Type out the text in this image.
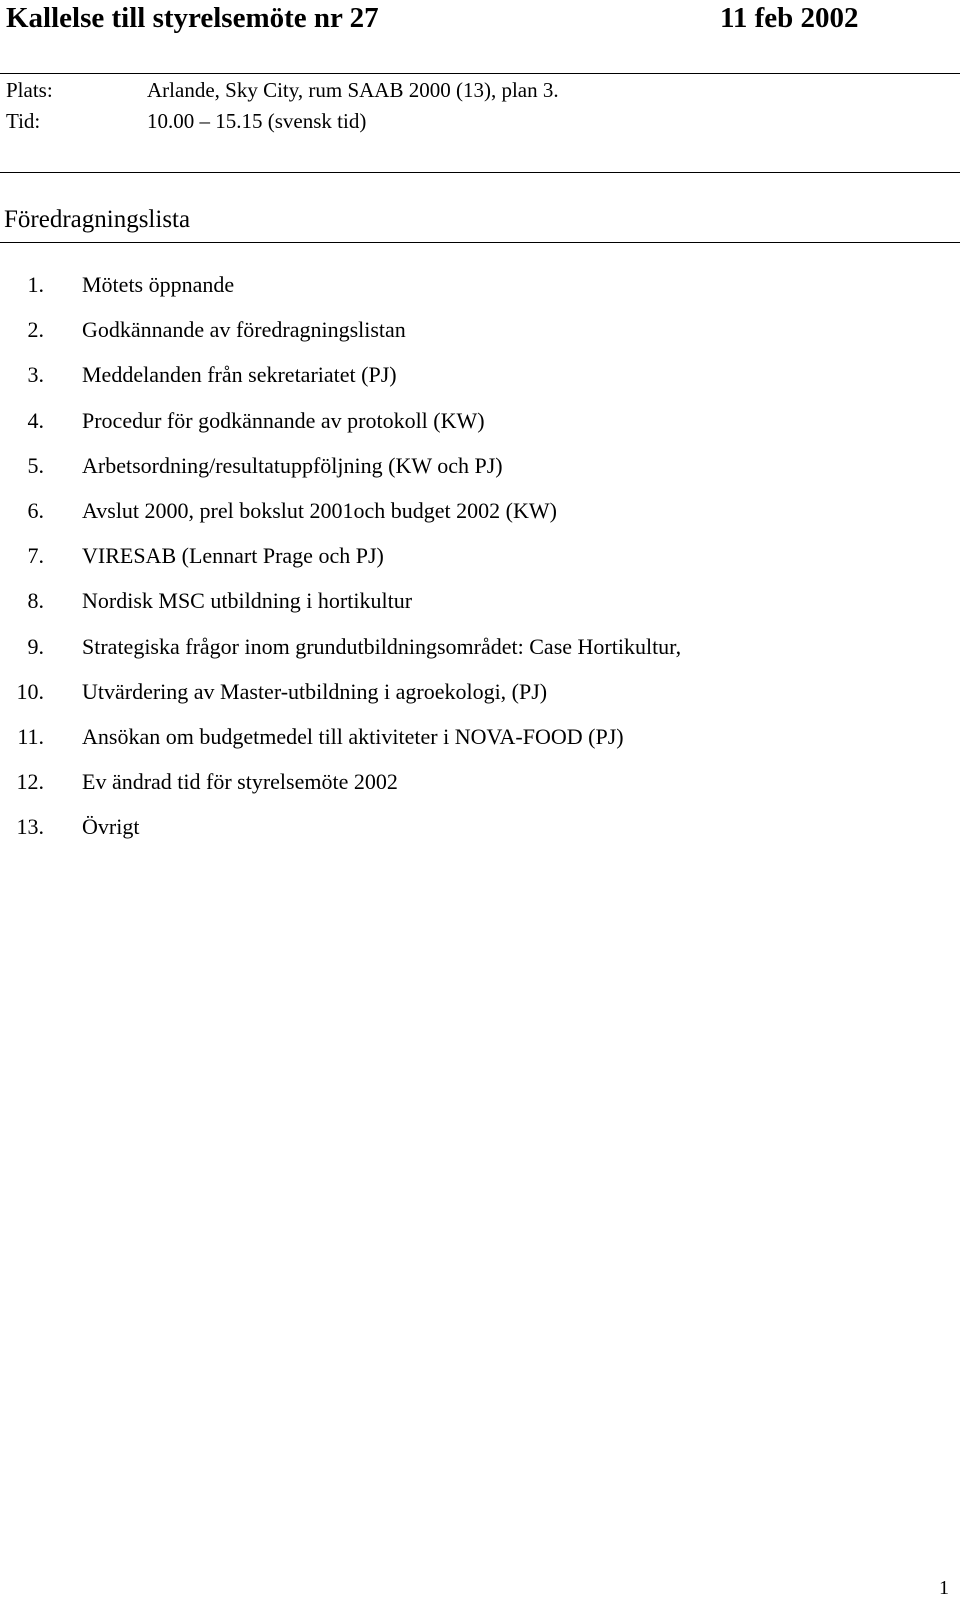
Kallelse till styrelsemöte nr 27	11 feb 2002
Plats:	Arlande, Sky City, rum SAAB 2000 (13), plan 3.
Tid:	10.00 – 15.15 (svensk tid)
Föredragningslista
1. Mötets öppnande
2. Godkännande av föredragningslistan
3. Meddelanden från sekretariatet (PJ)
4. Procedur för godkännande av protokoll (KW)
5. Arbetsordning/resultatuppföljning (KW och PJ)
6. Avslut 2000, prel bokslut 2001och budget 2002 (KW)
7. VIRESAB (Lennart Prage och PJ)
8. Nordisk MSC utbildning i hortikultur
9. Strategiska frågor inom grundutbildningsområdet: Case Hortikultur,
10. Utvärdering av Master-utbildning i agroekologi, (PJ)
11. Ansökan om budgetmedel till aktiviteter i NOVA-FOOD (PJ)
12. Ev ändrad tid för styrelsemöte 2002
13. Övrigt
1
